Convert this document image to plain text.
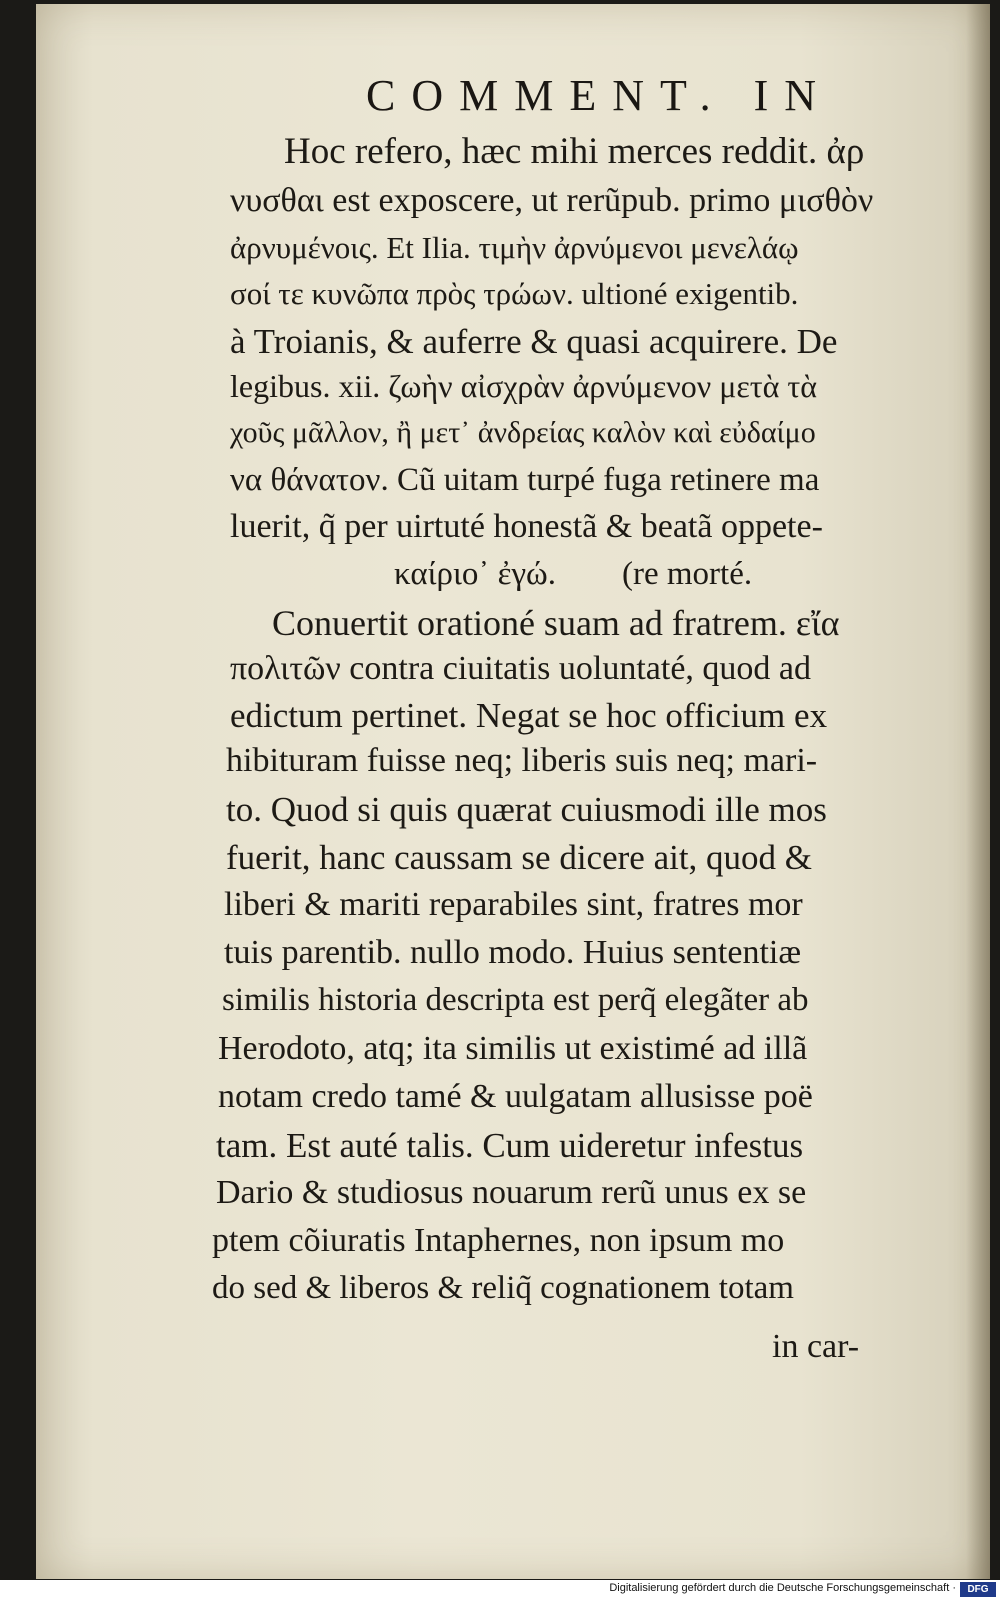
COMMENT. IN
Hoc refero, hæc mihi merces reddit. ἀρ
νυσθαι est exposcere, ut rerũpub. primo μισθὸν
ἀρνυμένοις. Et Ilia. τιμὴν ἀρνύμενοι μενελάῳ
σοί τε κυνῶπα πρὸς τρώων. ultioné exigentib.
à Troianis, & auferre & quasi acquirere. De
legibus. xii. ζωὴν αἰσχρὰν ἀρνύμενον μετὰ τὰ
χοῦς μᾶλλον, ἢ μετ᾽ ἀνδρείας καλὸν καὶ εὐδαίμο
να θάνατον. Cũ uitam turpé fuga retinere ma
luerit, q̃ per uirtuté honestã & beatã oppete-
καίριο᾽ ἐγώ.        (re morté.
Conuertit orationé suam ad fratrem. εἴα
πολιτῶν contra ciuitatis uoluntaté, quod ad
edictum pertinet. Negat se hoc officium ex
hibituram fuisse neq; liberis suis neq; mari-
to. Quod si quis quærat cuiusmodi ille mos
fuerit, hanc caussam se dicere ait, quod &
liberi & mariti reparabiles sint, fratres mor
tuis parentib. nullo modo. Huius sententiæ
similis historia descripta est perq̃ elegãter ab
Herodoto, atq; ita similis ut existimé ad illã
notam credo tamé & uulgatam allusisse poë
tam. Est auté talis. Cum uideretur infestus
Dario & studiosus nouarum rerũ unus ex se
ptem cõiuratis Intaphernes, non ipsum mo
do sed & liberos & reliq̃ cognationem totam
in car-
Digitalisierung gefördert durch die Deutsche Forschungsgemeinschaft ·	DFG
